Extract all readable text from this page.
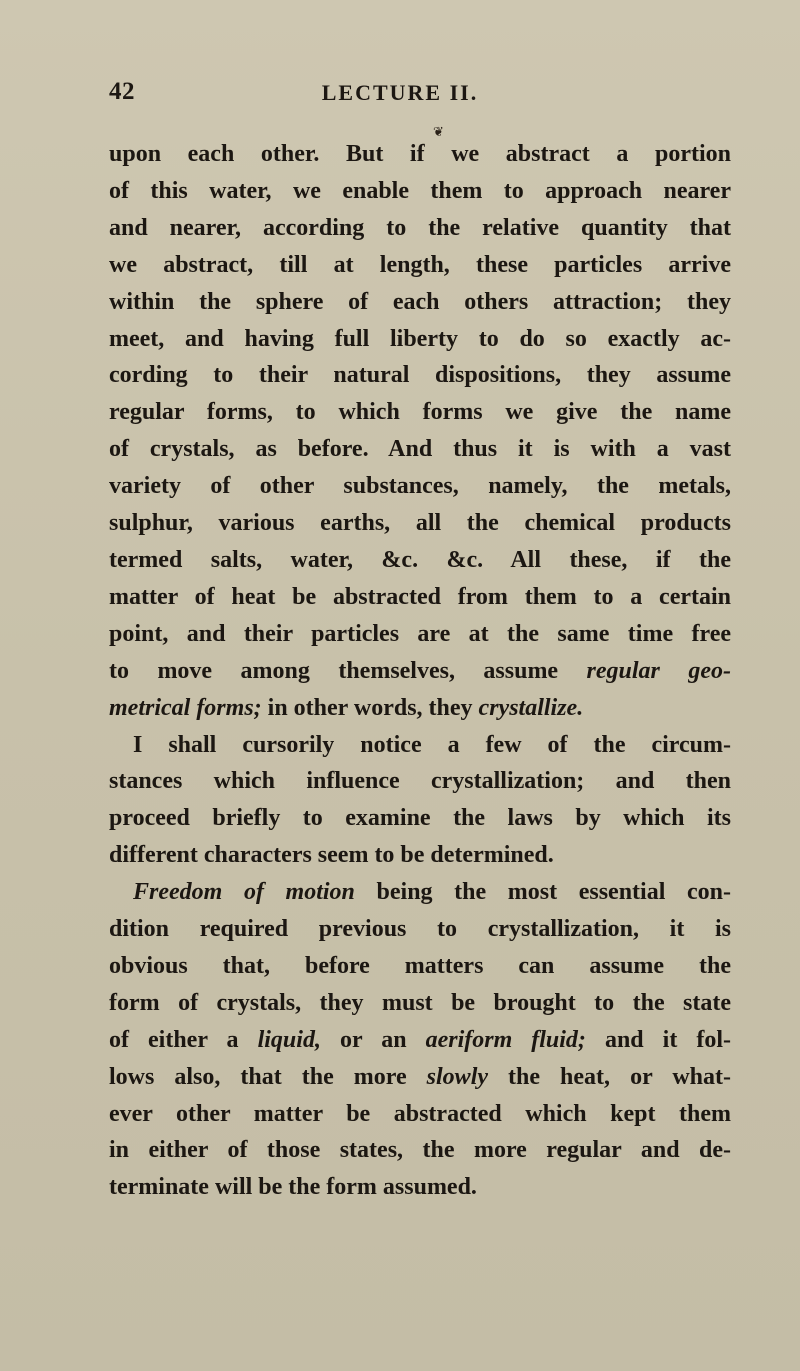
42	LECTURE II.
❦
upon each other. But if we abstract a portion
of this water, we enable them to approach nearer
and nearer, according to the relative quantity that
we abstract, till at length, these particles arrive
within the sphere of each others attraction; they
meet, and having full liberty to do so exactly ac-
cording to their natural dispositions, they assume
regular forms, to which forms we give the name
of crystals, as before. And thus it is with a vast
variety of other substances, namely, the metals,
sulphur, various earths, all the chemical products
termed salts, water, &c. &c. All these, if the
matter of heat be abstracted from them to a certain
point, and their particles are at the same time free
to move among themselves, assume regular geo-
metrical forms; in other words, they crystallize.
I shall cursorily notice a few of the circum-
stances which influence crystallization; and then
proceed briefly to examine the laws by which its
different characters seem to be determined.
Freedom of motion being the most essential con-
dition required previous to crystallization, it is
obvious that, before matters can assume the
form of crystals, they must be brought to the state
of either a liquid, or an aeriform fluid; and it fol-
lows also, that the more slowly the heat, or what-
ever other matter be abstracted which kept them
in either of those states, the more regular and de-
terminate will be the form assumed.
